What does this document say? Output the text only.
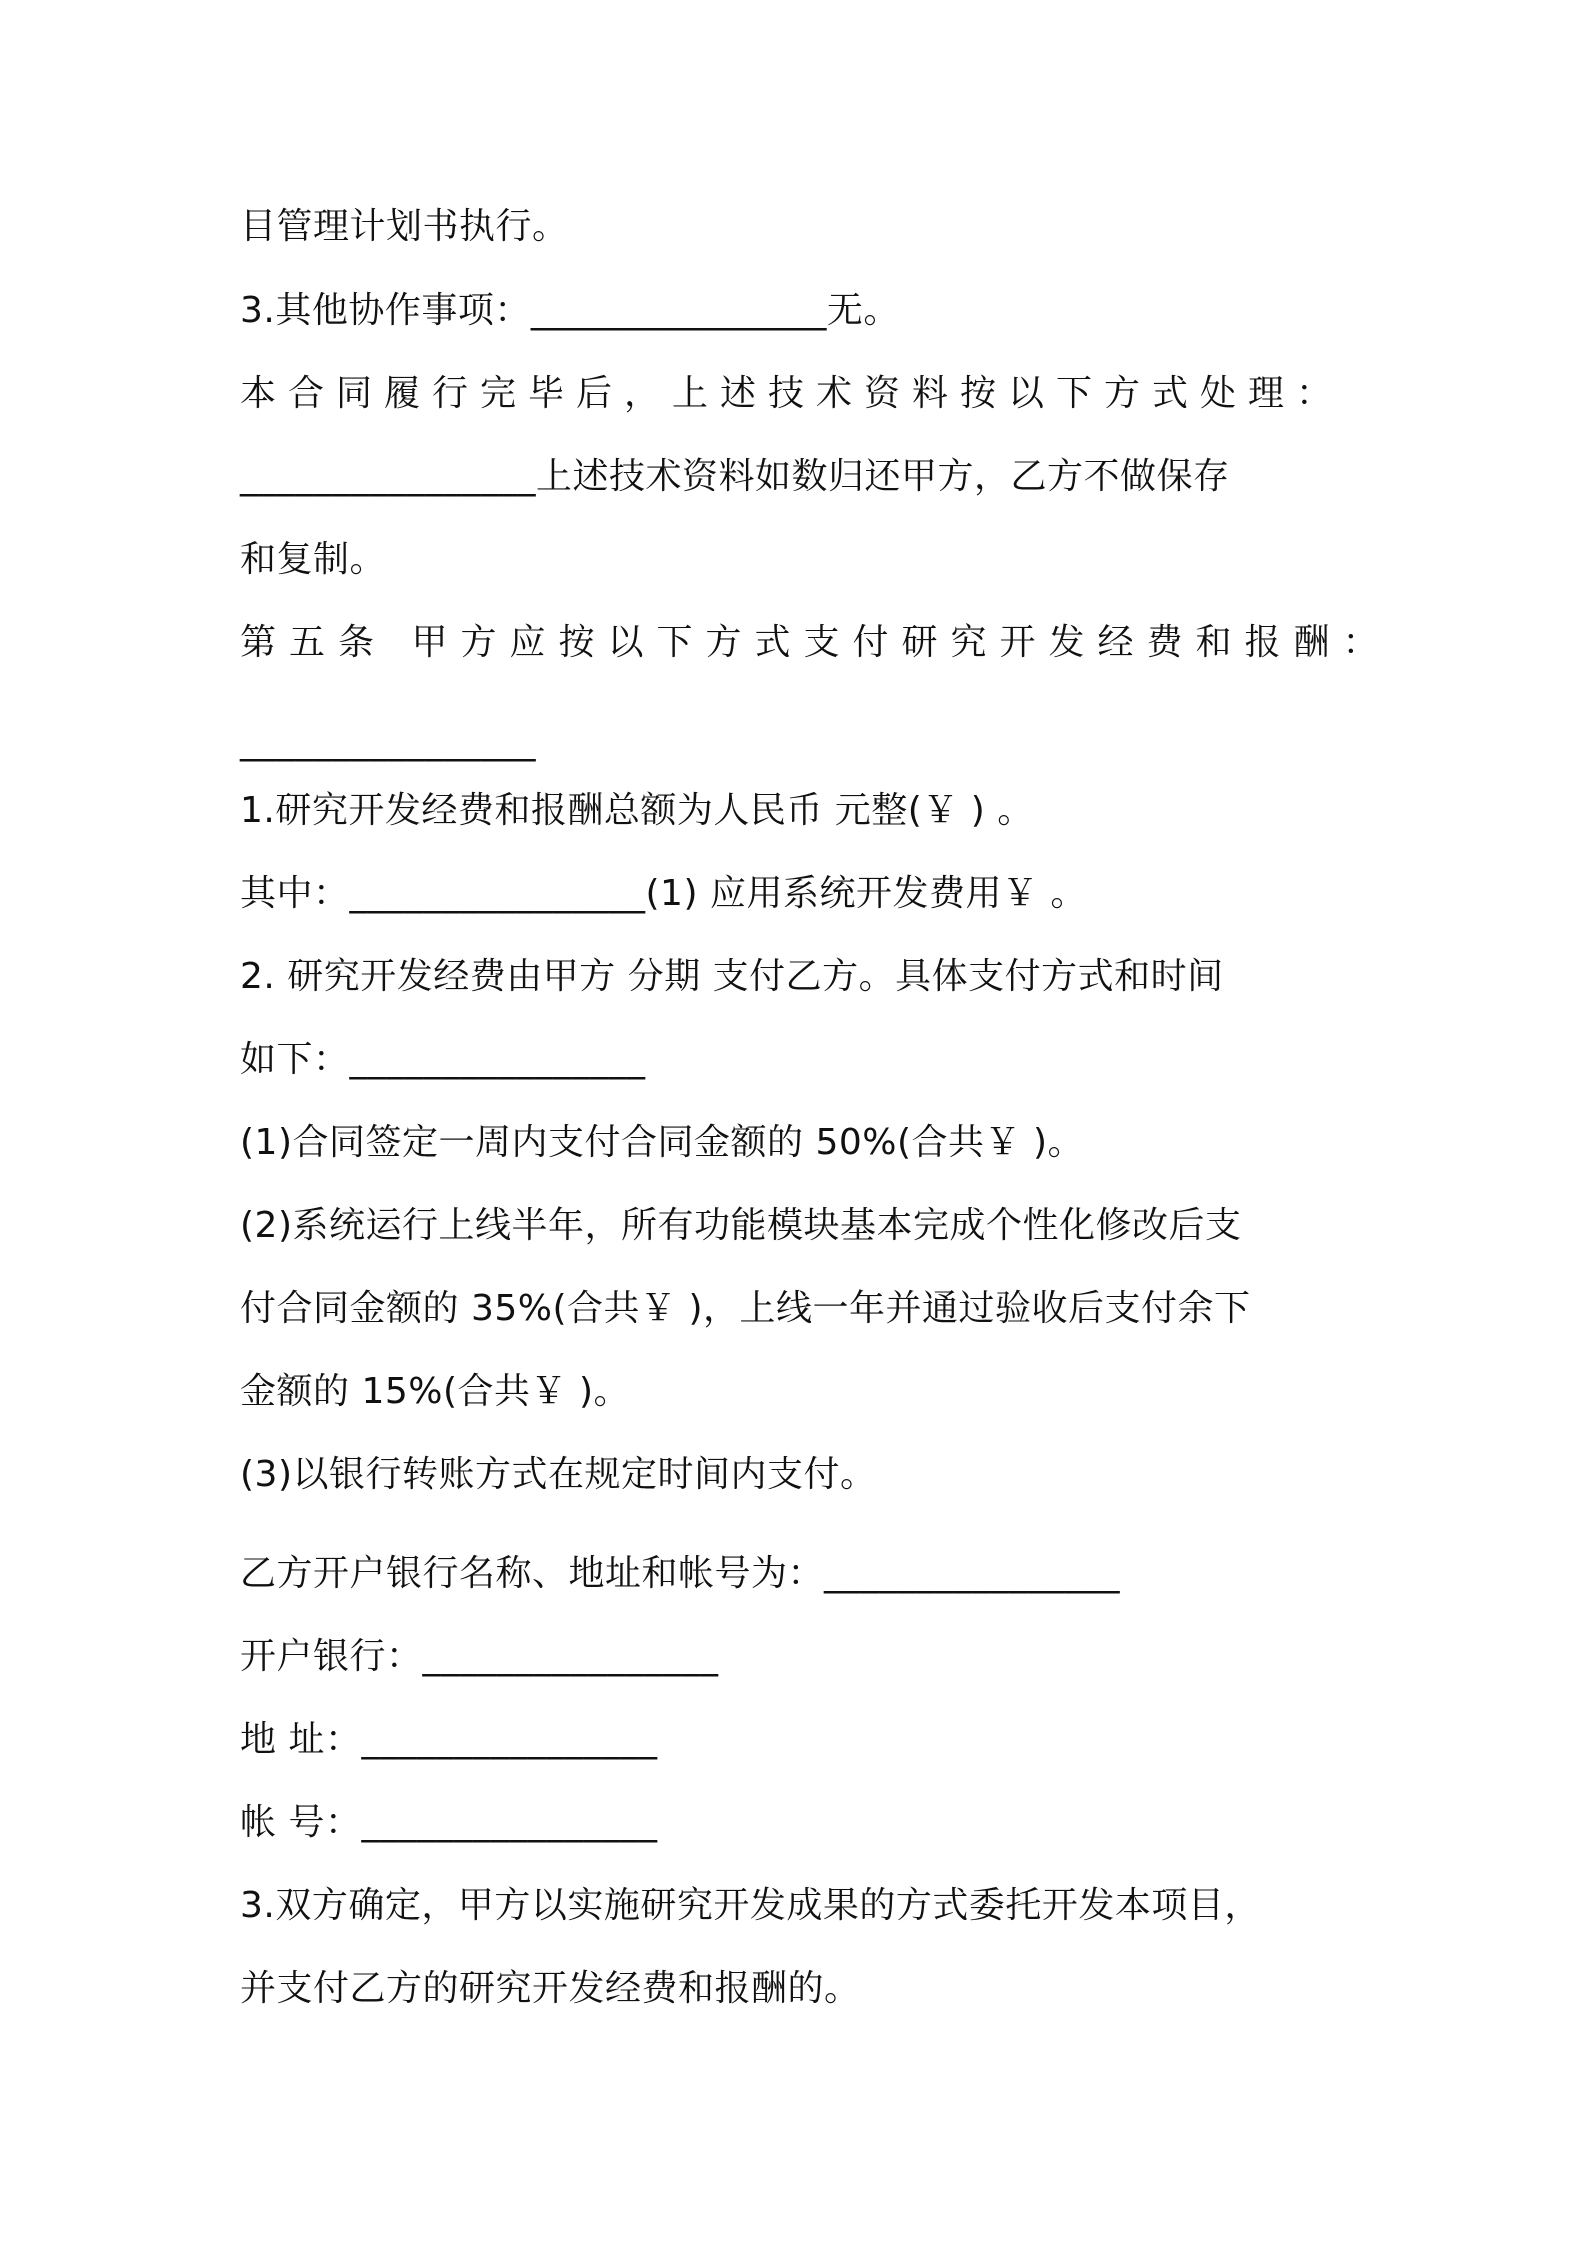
目管理计划书执行。
3.其他协作事项：________________无。
本合同履行完毕后，上述技术资料按以下方式处理：
________________上述技术资料如数归还甲方，乙方不做保存
和复制。
第五条 甲方应按以下方式支付研究开发经费和报酬：
________________
1.研究开发经费和报酬总额为人民币 元整(￥ ) 。
其中：________________(1) 应用系统开发费用￥ 。
2. 研究开发经费由甲方 分期 支付乙方。具体支付方式和时间
如下：________________
(1)合同签定一周内支付合同金额的 50%(合共￥ )。
(2)系统运行上线半年，所有功能模块基本完成个性化修改后支
付合同金额的 35%(合共￥ )，上线一年并通过验收后支付余下
金额的 15%(合共￥ )。
(3)以银行转账方式在规定时间内支付。
乙方开户银行名称、地址和帐号为：________________
开户银行：________________
地 址：________________
帐 号：________________
3.双方确定，甲方以实施研究开发成果的方式委托开发本项目，
并支付乙方的研究开发经费和报酬的。
